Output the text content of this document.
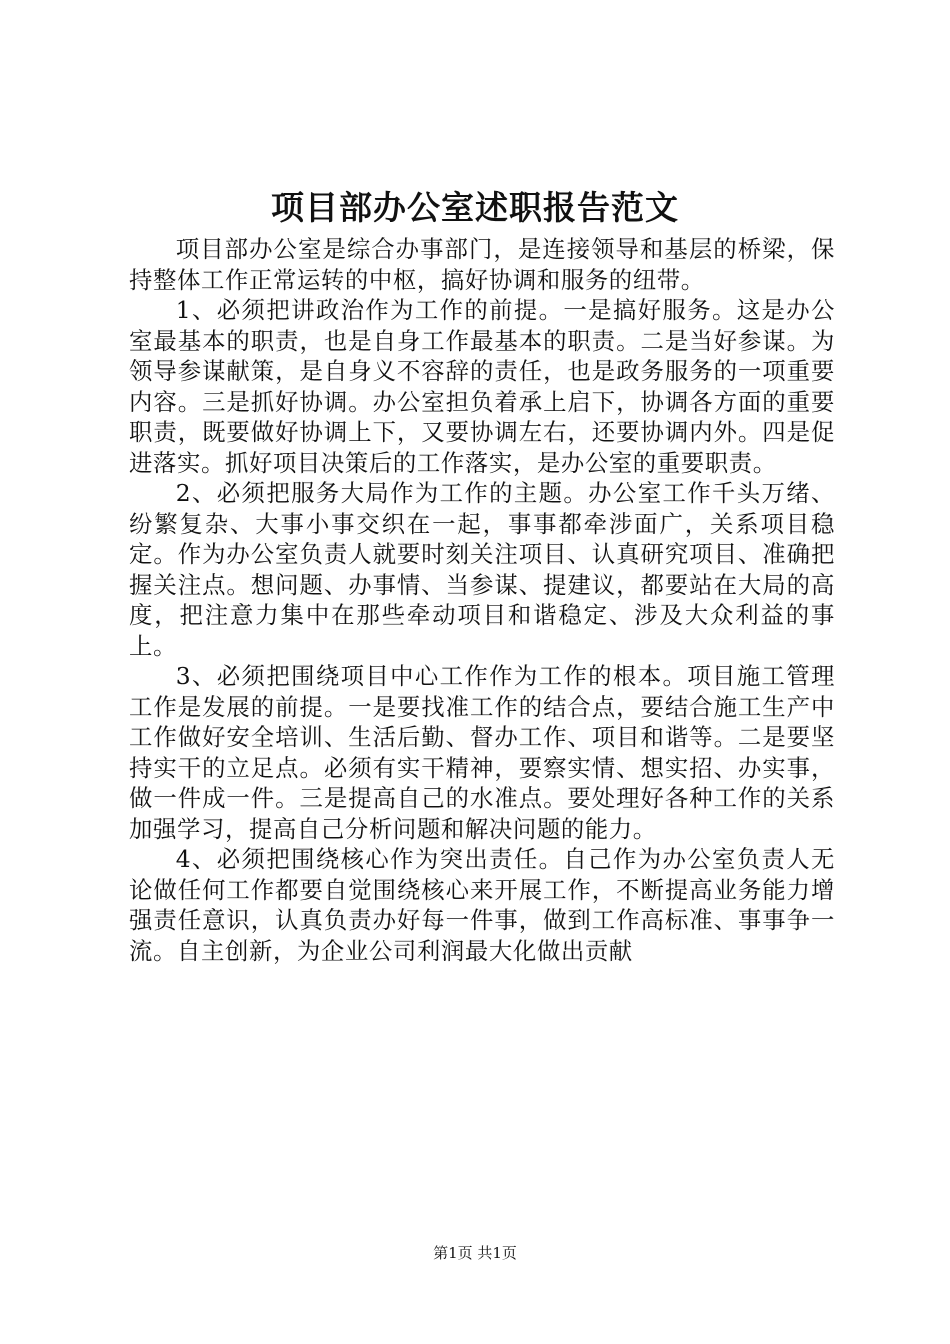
项目部办公室述职报告范文

项目部办公室是综合办事部门，是连接领导和基层的桥梁，保持整体工作正常运转的中枢，搞好协调和服务的纽带。

1、必须把讲政治作为工作的前提。一是搞好服务。这是办公室最基本的职责，也是自身工作最基本的职责。二是当好参谋。为领导参谋献策，是自身义不容辞的责任，也是政务服务的一项重要内容。三是抓好协调。办公室担负着承上启下，协调各方面的重要职责，既要做好协调上下，又要协调左右，还要协调内外。四是促进落实。抓好项目决策后的工作落实，是办公室的重要职责。

2、必须把服务大局作为工作的主题。办公室工作千头万绪、纷繁复杂、大事小事交织在一起，事事都牵涉面广，关系项目稳定。作为办公室负责人就要时刻关注项目、认真研究项目、准确把握关注点。想问题、办事情、当参谋、提建议，都要站在大局的高度，把注意力集中在那些牵动项目和谐稳定、涉及大众利益的事上。

3、必须把围绕项目中心工作作为工作的根本。项目施工管理工作是发展的前提。一是要找准工作的结合点，要结合施工生产中工作做好安全培训、生活后勤、督办工作、项目和谐等。二是要坚持实干的立足点。必须有实干精神，要察实情、想实招、办实事，做一件成一件。三是提高自己的水准点。要处理好各种工作的关系加强学习，提高自己分析问题和解决问题的能力。

4、必须把围绕核心作为突出责任。自己作为办公室负责人无论做任何工作都要自觉围绕核心来开展工作，不断提高业务能力增强责任意识，认真负责办好每一件事，做到工作高标准、事事争一流。自主创新，为企业公司利润最大化做出贡献

第1页 共1页
